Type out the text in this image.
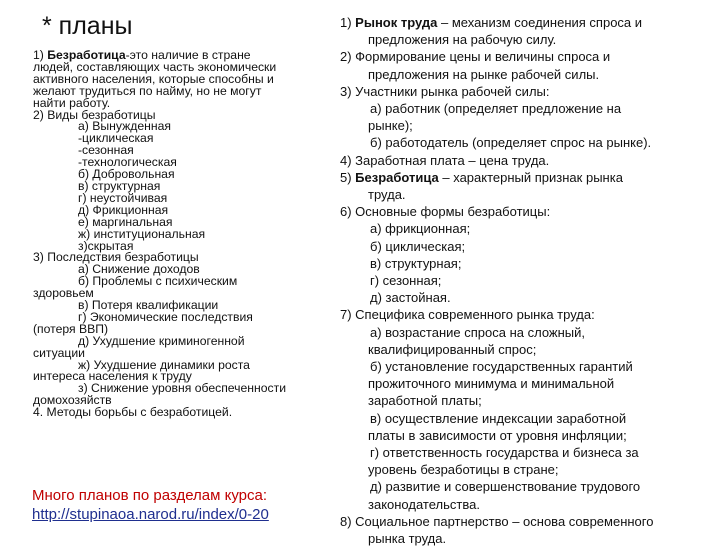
* планы
1) Безработица-это наличие в стране
людей, составляющих часть экономически
активного населения, которые способны и
желают трудиться по найму, но не могут
найти работу.
2) Виды безработицы
а) Вынужденная
-циклическая
-сезонная
-технологическая
б) Добровольная
в) структурная
г) неустойчивая
д) Фрикционная
е) маргинальная
ж) институциональная
з)скрытая
3) Последствия безработицы
а) Снижение доходов
б) Проблемы с психическим
здоровьем
в) Потеря квалификации
г) Экономические последствия
(потеря ВВП)
д) Ухудшение криминогенной
ситуации
ж) Ухудшение динамики роста
интереса населения к труду
з) Снижение уровня обеспеченности
домохозяйств
4. Методы борьбы с безработицей.
Много планов по разделам курса:
http://stupinaoa.narod.ru/index/0-20
1) Рынок труда – механизм соединения спроса и
предложения на рабочую силу.
2) Формирование цены и величины спроса и
предложения на рынке рабочей силы.
3) Участники рынка рабочей силы:
а) работник (определяет предложение на
рынке);
б) работодатель (определяет спрос на рынке).
4) Заработная плата – цена труда.
5) Безработица – характерный признак рынка
труда.
6) Основные формы безработицы:
а) фрикционная;
б) циклическая;
в) структурная;
г) сезонная;
д) застойная.
7) Специфика современного рынка труда:
а) возрастание спроса на сложный,
квалифицированный спрос;
б) установление государственных гарантий
прожиточного минимума и минимальной
заработной платы;
в) осуществление индексации заработной
платы в зависимости от уровня инфляции;
г) ответственность государства и бизнеса за
уровень безработицы в стране;
д) развитие и совершенствование трудового
законодательства.
8) Социальное партнерство – основа современного
рынка труда.
